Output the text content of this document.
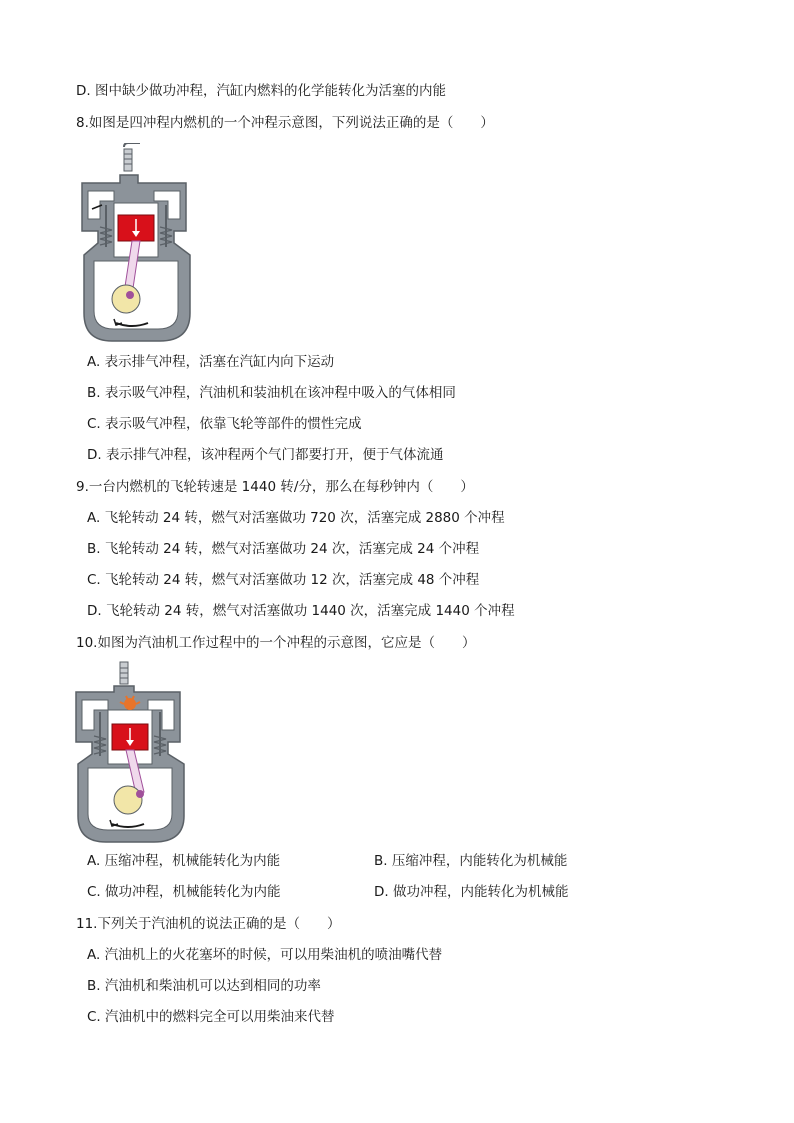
D. 图中缺少做功冲程，汽缸内燃料的化学能转化为活塞的内能
8.如图是四冲程内燃机的一个冲程示意图，下列说法正确的是（　　）
A. 表示排气冲程，活塞在汽缸内向下运动
B. 表示吸气冲程，汽油机和装油机在该冲程中吸入的气体相同
C. 表示吸气冲程，依靠飞轮等部件的惯性完成
D. 表示排气冲程，该冲程两个气门都要打开，便于气体流通
9.一台内燃机的飞轮转速是 1440 转/分，那么在每秒钟内（　　）
A. 飞轮转动 24 转，燃气对活塞做功 720 次，活塞完成 2880 个冲程
B. 飞轮转动 24 转，燃气对活塞做功 24 次，活塞完成 24 个冲程
C. 飞轮转动 24 转，燃气对活塞做功 12 次，活塞完成 48 个冲程
D. 飞轮转动 24 转，燃气对活塞做功 1440 次，活塞完成 1440 个冲程
10.如图为汽油机工作过程中的一个冲程的示意图，它应是（　　）
A. 压缩冲程，机械能转化为内能	B. 压缩冲程，内能转化为机械能
C. 做功冲程，机械能转化为内能	D. 做功冲程，内能转化为机械能
11.下列关于汽油机的说法正确的是（　　）
A. 汽油机上的火花塞坏的时候，可以用柴油机的喷油嘴代替
B. 汽油机和柴油机可以达到相同的功率
C. 汽油机中的燃料完全可以用柴油来代替
